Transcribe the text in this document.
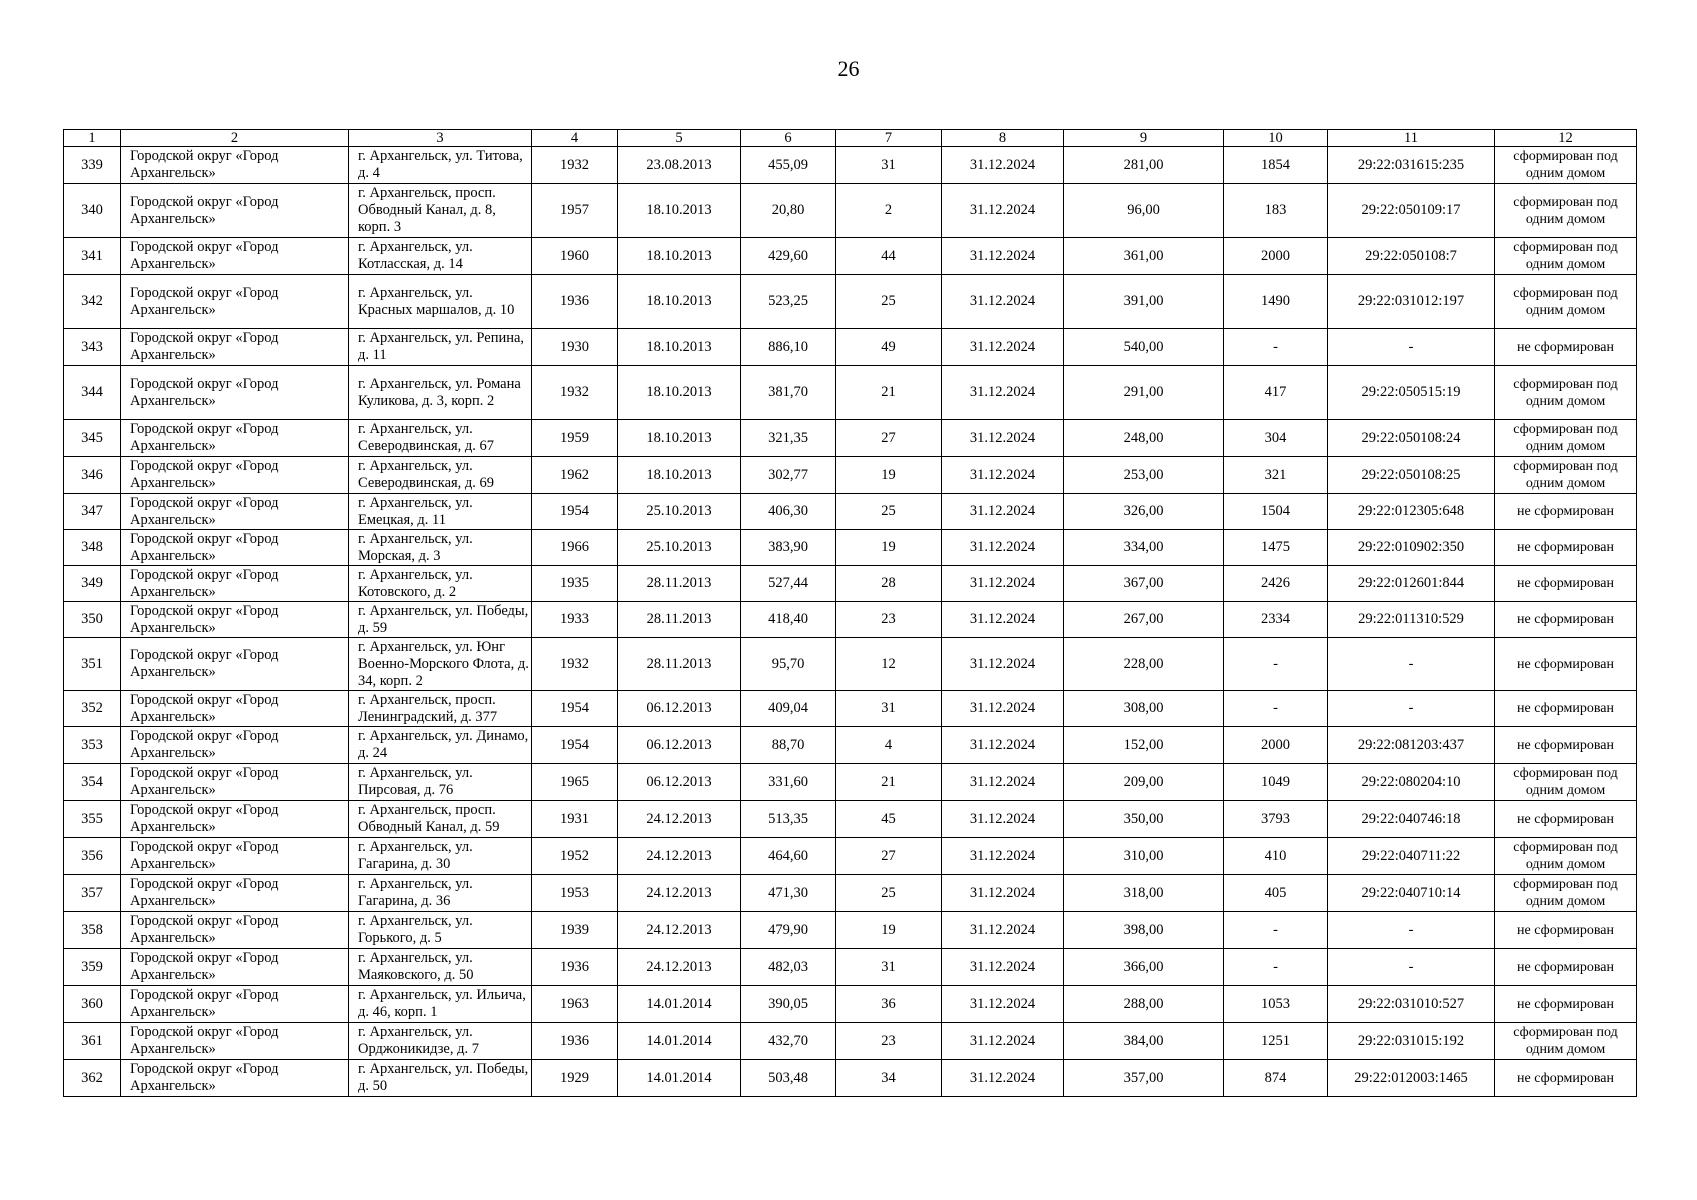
26
1	2	3	4	5	6	7	8	9	10	11	12
339	Городской округ «Город Архангельск»	г. Архангельск, ул. Титова, д. 4	1932	23.08.2013	455,09	31	31.12.2024	281,00	1854	29:22:031615:235	сформирован под одним домом
340	Городской округ «Город Архангельск»	г. Архангельск, просп. Обводный Канал, д. 8, корп. 3	1957	18.10.2013	20,80	2	31.12.2024	96,00	183	29:22:050109:17	сформирован под одним домом
341	Городской округ «Город Архангельск»	г. Архангельск, ул. Котласская, д. 14	1960	18.10.2013	429,60	44	31.12.2024	361,00	2000	29:22:050108:7	сформирован под одним домом
342	Городской округ «Город Архангельск»	г. Архангельск, ул. Красных маршалов, д. 10	1936	18.10.2013	523,25	25	31.12.2024	391,00	1490	29:22:031012:197	сформирован под одним домом
343	Городской округ «Город Архангельск»	г. Архангельск, ул. Репина, д. 11	1930	18.10.2013	886,10	49	31.12.2024	540,00	-	-	не сформирован
344	Городской округ «Город Архангельск»	г. Архангельск, ул. Романа Куликова, д. 3, корп. 2	1932	18.10.2013	381,70	21	31.12.2024	291,00	417	29:22:050515:19	сформирован под одним домом
345	Городской округ «Город Архангельск»	г. Архангельск, ул. Северодвинская, д. 67	1959	18.10.2013	321,35	27	31.12.2024	248,00	304	29:22:050108:24	сформирован под одним домом
346	Городской округ «Город Архангельск»	г. Архангельск, ул. Северодвинская, д. 69	1962	18.10.2013	302,77	19	31.12.2024	253,00	321	29:22:050108:25	сформирован под одним домом
347	Городской округ «Город Архангельск»	г. Архангельск, ул. Емецкая, д. 11	1954	25.10.2013	406,30	25	31.12.2024	326,00	1504	29:22:012305:648	не сформирован
348	Городской округ «Город Архангельск»	г. Архангельск, ул. Морская, д. 3	1966	25.10.2013	383,90	19	31.12.2024	334,00	1475	29:22:010902:350	не сформирован
349	Городской округ «Город Архангельск»	г. Архангельск, ул. Котовского, д. 2	1935	28.11.2013	527,44	28	31.12.2024	367,00	2426	29:22:012601:844	не сформирован
350	Городской округ «Город Архангельск»	г. Архангельск, ул. Победы, д. 59	1933	28.11.2013	418,40	23	31.12.2024	267,00	2334	29:22:011310:529	не сформирован
351	Городской округ «Город Архангельск»	г. Архангельск, ул. Юнг Военно-Морского Флота, д. 34, корп. 2	1932	28.11.2013	95,70	12	31.12.2024	228,00	-	-	не сформирован
352	Городской округ «Город Архангельск»	г. Архангельск, просп. Ленинградский, д. 377	1954	06.12.2013	409,04	31	31.12.2024	308,00	-	-	не сформирован
353	Городской округ «Город Архангельск»	г. Архангельск, ул. Динамо, д. 24	1954	06.12.2013	88,70	4	31.12.2024	152,00	2000	29:22:081203:437	не сформирован
354	Городской округ «Город Архангельск»	г. Архангельск, ул. Пирсовая, д. 76	1965	06.12.2013	331,60	21	31.12.2024	209,00	1049	29:22:080204:10	сформирован под одним домом
355	Городской округ «Город Архангельск»	г. Архангельск, просп. Обводный Канал, д. 59	1931	24.12.2013	513,35	45	31.12.2024	350,00	3793	29:22:040746:18	не сформирован
356	Городской округ «Город Архангельск»	г. Архангельск, ул. Гагарина, д. 30	1952	24.12.2013	464,60	27	31.12.2024	310,00	410	29:22:040711:22	сформирован под одним домом
357	Городской округ «Город Архангельск»	г. Архангельск, ул. Гагарина, д. 36	1953	24.12.2013	471,30	25	31.12.2024	318,00	405	29:22:040710:14	сформирован под одним домом
358	Городской округ «Город Архангельск»	г. Архангельск, ул. Горького, д. 5	1939	24.12.2013	479,90	19	31.12.2024	398,00	-	-	не сформирован
359	Городской округ «Город Архангельск»	г. Архангельск, ул. Маяковского, д. 50	1936	24.12.2013	482,03	31	31.12.2024	366,00	-	-	не сформирован
360	Городской округ «Город Архангельск»	г. Архангельск, ул. Ильича, д. 46, корп. 1	1963	14.01.2014	390,05	36	31.12.2024	288,00	1053	29:22:031010:527	не сформирован
361	Городской округ «Город Архангельск»	г. Архангельск, ул. Орджоникидзе, д. 7	1936	14.01.2014	432,70	23	31.12.2024	384,00	1251	29:22:031015:192	сформирован под одним домом
362	Городской округ «Город Архангельск»	г. Архангельск, ул. Победы, д. 50	1929	14.01.2014	503,48	34	31.12.2024	357,00	874	29:22:012003:1465	не сформирован
